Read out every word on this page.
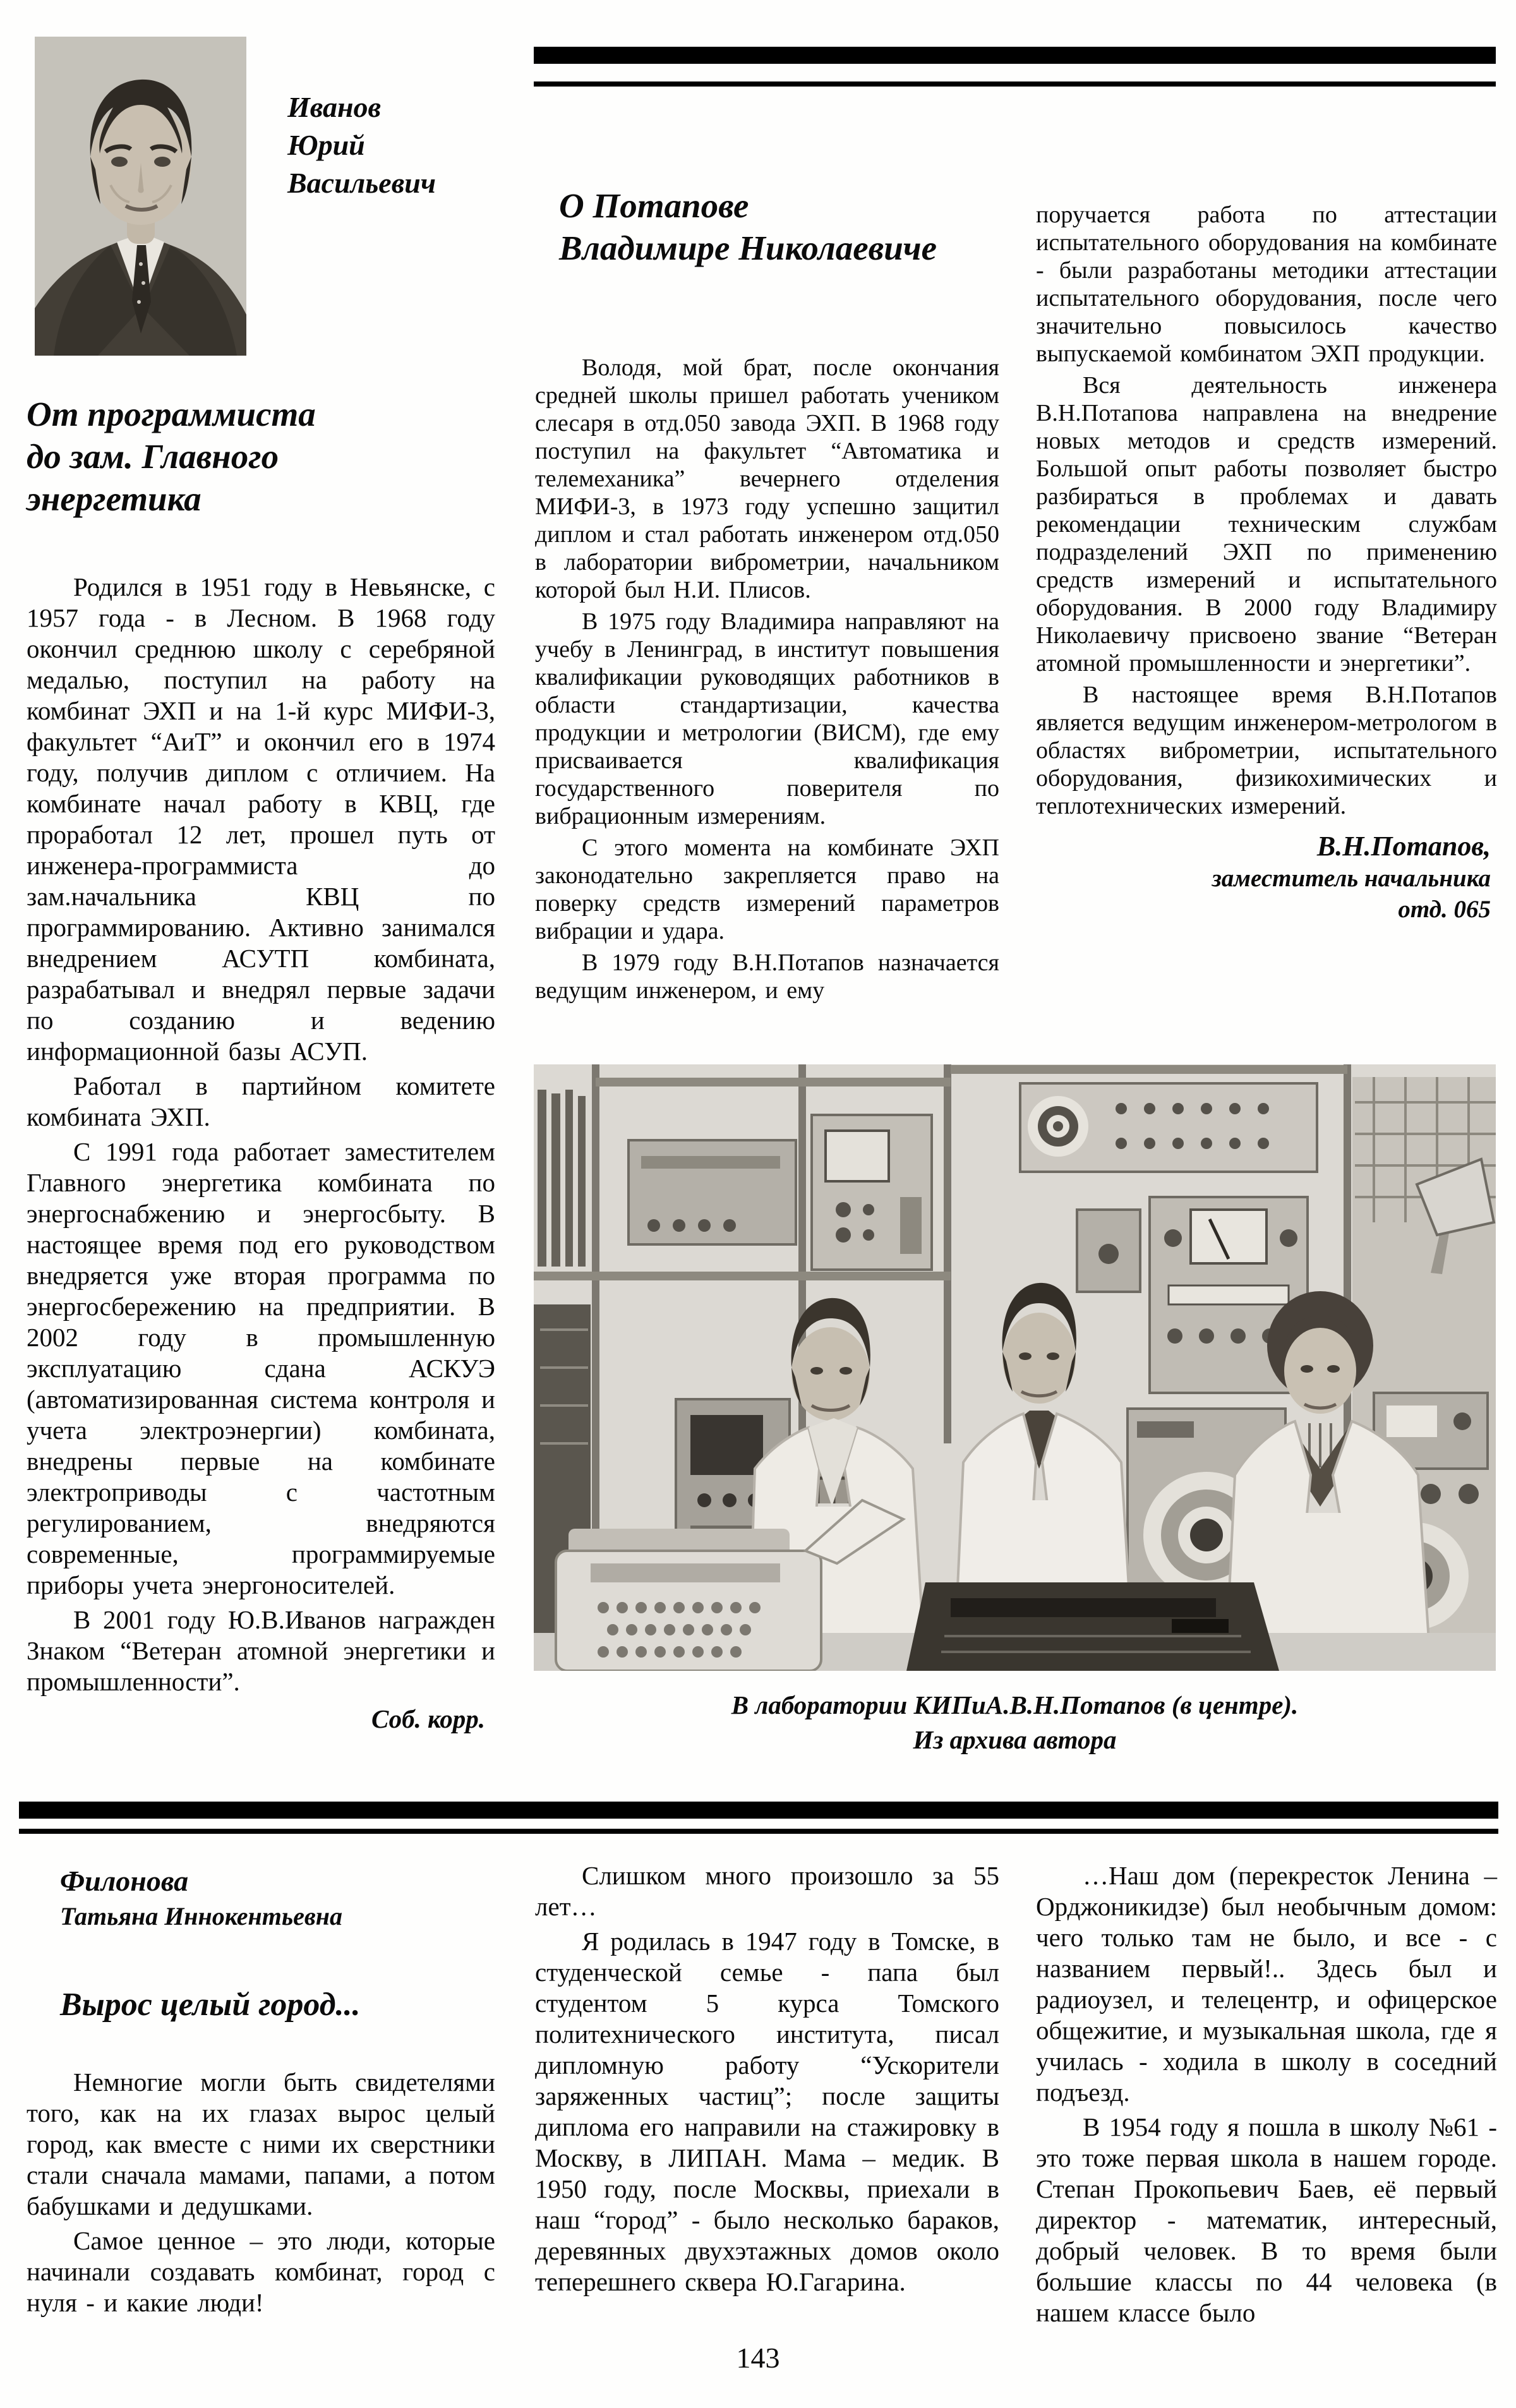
Иванов
Юрий
Васильевич
От программиста
до зам. Главного
энергетика

Родился в 1951 году в Невьянске, с 1957 года - в Лесном. В 1968 году окончил среднюю школу с серебряной медалью, поступил на работу на комбинат ЭХП и на 1-й курс МИФИ-3, факультет “АиТ” и окончил его в 1974 году, получив диплом с отличием. На комбинате начал работу в КВЦ, где проработал 12 лет, прошел путь от инженера-программиста до зам.начальника КВЦ по программированию. Активно занимался внедрением АСУТП комбината, разрабатывал и внедрял первые задачи по созданию и ведению информационной базы АСУП.

Работал в партийном комитете комбината ЭХП.

С 1991 года работает заместителем Главного энергетика комбината по энергоснабжению и энергосбыту. В настоящее время под его руководством внедряется уже вторая программа по энергосбережению на предприятии. В 2002 году в промышленную эксплуатацию сдана АСКУЭ (автоматизированная система контроля и учета электроэнергии) комбината, внедрены первые на комбинате электроприводы с частотным регулированием, внедряются современные, программируемые приборы учета энергоносителей.

В 2001 году Ю.В.Иванов награжден Знаком “Ветеран атомной энергетики и промышленности”.

Соб. корр.
О Потапове
Владимире Николаевиче

Володя, мой брат, после окончания средней школы пришел работать учеником слесаря в отд.050 завода ЭХП. В 1968 году поступил на факультет “Автоматика и телемеханика” вечернего отделения МИФИ-3, в 1973 году успешно защитил диплом и стал работать инженером отд.050 в лаборатории виброметрии, начальником которой был Н.И. Плисов.

В 1975 году Владимира направляют на учебу в Ленинград, в институт повышения квалификации руководящих работников в области стандартизации, качества продукции и метрологии (ВИСМ), где ему присваивается квалификация государственного поверителя по вибрационным измерениям.

С этого момента на комбинате ЭХП законодательно закрепляется право на поверку средств измерений параметров вибрации и удара.

В 1979 году В.Н.Потапов назначается ведущим инженером, и ему

поручается работа по аттестации испытательного оборудования на комбинате - были разработаны методики аттестации испытательного оборудования, после чего значительно повысилось качество выпускаемой комбинатом ЭХП продукции.

Вся деятельность инженера В.Н.Потапова направлена на внедрение новых методов и средств измерений. Большой опыт работы позволяет быстро разбираться в проблемах и давать рекомендации техническим службам подразделений ЭХП по применению средств измерений и испытательного оборудования. В 2000 году Владимиру Николаевичу присвоено звание “Ветеран атомной промышленности и энергетики”.

В настоящее время В.Н.Потапов является ведущим инженером-метрологом в областях виброметрии, испытательного оборудования, физикохимических и теплотехнических измерений.

В.Н.Потапов,
заместитель начальника
отд. 065
В лаборатории КИПиА.В.Н.Потапов (в центре).
Из архива автора
Филонова
Татьяна Иннокентьевна
Вырос целый город...

Немногие могли быть свидетелями того, как на их глазах вырос целый город, как вместе с ними их сверстники стали сначала мамами, папами, а потом бабушками и дедушками.

Самое ценное – это люди, которые начинали создавать комбинат, город с нуля - и какие люди!

Слишком много произошло за 55 лет…

Я родилась в 1947 году в Томске, в студенческой семье - папа был студентом 5 курса Томского политехнического института, писал дипломную работу “Ускорители заряженных частиц”; после защиты диплома его направили на стажировку в Москву, в ЛИПАН. Мама – медик. В 1950 году, после Москвы, приехали в наш “город” - было несколько бараков, деревянных двухэтажных домов около теперешнего сквера Ю.Гагарина.

…Наш дом (перекресток Ленина –Орджоникидзе) был необычным домом: чего только там не было, и все - с названием первый!.. Здесь был и радиоузел, и телецентр, и офицерское общежитие, и музыкальная школа, где я училась - ходила в школу в соседний подъезд.

В 1954 году я пошла в школу №61 - это тоже первая школа в нашем городе. Степан Прокопьевич Баев, её первый директор - математик, интересный, добрый человек. В то время были большие классы по 44 человека (в нашем классе было

143
